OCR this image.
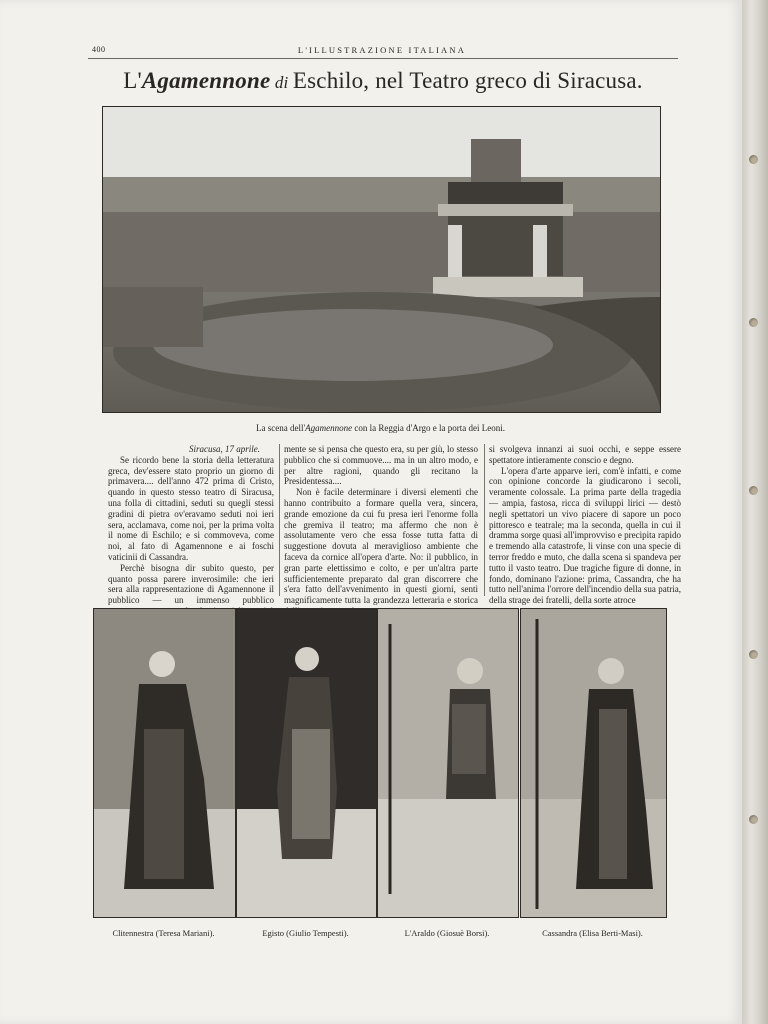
400	L'ILLUSTRAZIONE ITALIANA
L'Agamennone di Eschilo, nel Teatro greco di Siracusa.
La scena dell'Agamennone con la Reggia d'Argo e la porta dei Leoni.

Siracusa, 17 aprile.

Se ricordo bene la storia della letteratura greca, dev'essere stato proprio un giorno di primavera.... dell'anno 472 prima di Cristo, quando in questo stesso teatro di Siracusa, una folla di cittadini, seduti su quegli stessi gradini di pietra ov'eravamo seduti noi ieri sera, acclamava, come noi, per la prima volta il nome di Eschilo; e si commoveva, come noi, al fato di Agamennone e ai foschi vaticinii di Cassandra.

Perchè bisogna dir subito questo, per quanto possa parere inverosimile: che ieri sera alla rappresentazione di Agamennone il pubblico — un immenso pubblico

mente se si pensa che questo era, su per giù, lo stesso pubblico che si commuove.... ma in un altro modo, e per altre ragioni, quando gli recitano la Presidentessa....

Non è facile determinare i diversi elementi che hanno contribuito a formare quella vera, sincera, grande emozione da cui fu presa ieri l'enorme folla che gremiva il teatro; ma affermo che non è assolutamente vero che essa fosse tutta fatta di suggestione dovuta al meraviglioso ambiente che faceva da cornice all'opera d'arte. No: il pubblico, in gran parte elettissimo e colto, e per un'altra parte sufficientemente preparato dal gran discorrere che s'era fatto dell'avvenimento in questi giorni, sentì magnificamente tutta la grandezza letteraria e storica

si svolgeva innanzi ai suoi occhi, e seppe essere spettatore intieramente conscio e degno.

L'opera d'arte apparve ieri, com'è infatti, e come con opinione concorde la giudicarono i secoli, veramente colossale. La prima parte della tragedia — ampia, fastosa, ricca di sviluppi lirici — destò negli spettatori un vivo piacere di sapore un poco pittoresco e teatrale; ma la seconda, quella in cui il dramma sorge quasi all'improvviso e precipita rapido e tremendo alla catastrofe, li vinse con una specie di terror freddo e muto, che dalla scena si spandeva per tutto il vasto teatro. Due tragiche figure di donne, in fondo, dominano l'azione: prima, Cassandra, che ha tutto nell'anima l'orrore dell'incendio della sua patria, della strage dei fratelli, della sorte atroce

Clitennestra (Teresa Mariani).	Egisto (Giulio Tempesti).	L'Araldo (Giosuè Borsi).	Cassandra (Elisa Berti-Masi).
